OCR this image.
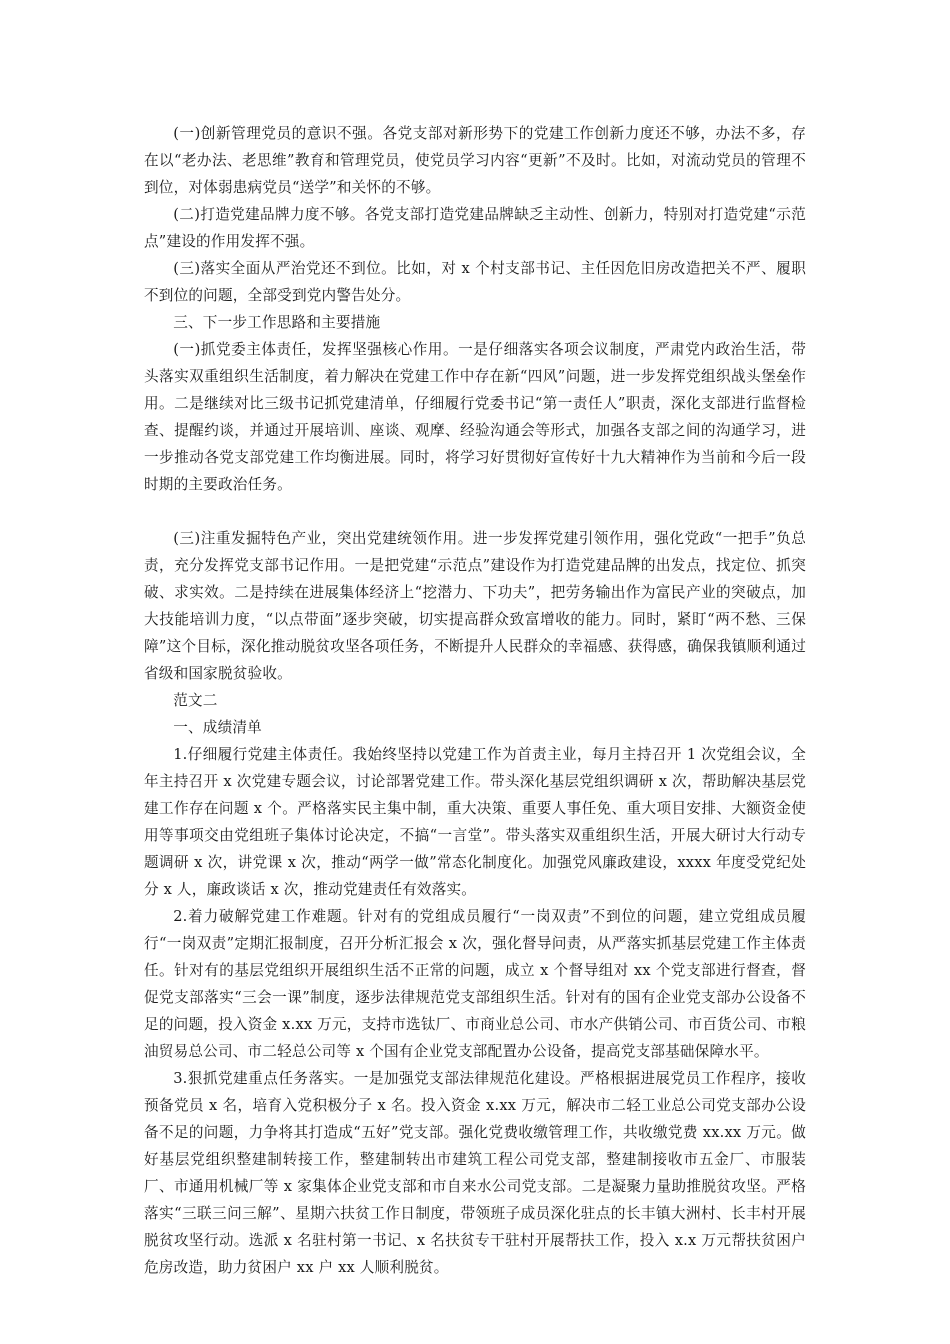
(一)创新管理党员的意识不强。各党支部对新形势下的党建工作创新力度还不够，办法不多，存在以“老办法、老思维”教育和管理党员，使党员学习内容“更新”不及时。比如，对流动党员的管理不到位，对体弱患病党员“送学”和关怀的不够。

(二)打造党建品牌力度不够。各党支部打造党建品牌缺乏主动性、创新力，特别对打造党建“示范点”建设的作用发挥不强。

(三)落实全面从严治党还不到位。比如，对 x 个村支部书记、主任因危旧房改造把关不严、履职不到位的问题，全部受到党内警告处分。

三、下一步工作思路和主要措施

(一)抓党委主体责任，发挥坚强核心作用。一是仔细落实各项会议制度，严肃党内政治生活，带头落实双重组织生活制度，着力解决在党建工作中存在新“四风”问题，进一步发挥党组织战头堡垒作用。二是继续对比三级书记抓党建清单，仔细履行党委书记“第一责任人”职责，深化支部进行监督检查、提醒约谈，并通过开展培训、座谈、观摩、经验沟通会等形式，加强各支部之间的沟通学习，进一步推动各党支部党建工作均衡进展。同时，将学习好贯彻好宣传好十九大精神作为当前和今后一段时期的主要政治任务。

(三)注重发掘特色产业，突出党建统领作用。进一步发挥党建引领作用，强化党政“一把手”负总责，充分发挥党支部书记作用。一是把党建“示范点”建设作为打造党建品牌的出发点，找定位、抓突破、求实效。二是持续在进展集体经济上“挖潜力、下功夫”，把劳务输出作为富民产业的突破点，加大技能培训力度，“以点带面”逐步突破，切实提高群众致富增收的能力。同时，紧盯“两不愁、三保障”这个目标，深化推动脱贫攻坚各项任务，不断提升人民群众的幸福感、获得感，确保我镇顺利通过省级和国家脱贫验收。

范文二

一、成绩清单

1.仔细履行党建主体责任。我始终坚持以党建工作为首责主业，每月主持召开 1 次党组会议，全年主持召开 x 次党建专题会议，讨论部署党建工作。带头深化基层党组织调研 x 次，帮助解决基层党建工作存在问题 x 个。严格落实民主集中制，重大决策、重要人事任免、重大项目安排、大额资金使用等事项交由党组班子集体讨论决定，不搞“一言堂”。带头落实双重组织生活，开展大研讨大行动专题调研 x 次，讲党课 x 次，推动“两学一做”常态化制度化。加强党风廉政建设，xxxx 年度受党纪处分 x 人，廉政谈话 x 次，推动党建责任有效落实。

2.着力破解党建工作难题。针对有的党组成员履行“一岗双责”不到位的问题，建立党组成员履行“一岗双责”定期汇报制度，召开分析汇报会 x 次，强化督导问责，从严落实抓基层党建工作主体责任。针对有的基层党组织开展组织生活不正常的问题，成立 x 个督导组对 xx 个党支部进行督查，督促党支部落实“三会一课”制度，逐步法律规范党支部组织生活。针对有的国有企业党支部办公设备不足的问题，投入资金 x.xx 万元，支持市选钛厂、市商业总公司、市水产供销公司、市百货公司、市粮油贸易总公司、市二轻总公司等 x 个国有企业党支部配置办公设备，提高党支部基础保障水平。

3.狠抓党建重点任务落实。一是加强党支部法律规范化建设。严格根据进展党员工作程序，接收预备党员 x 名，培育入党积极分子 x 名。投入资金 x.xx 万元，解决市二轻工业总公司党支部办公设备不足的问题，力争将其打造成“五好”党支部。强化党费收缴管理工作，共收缴党费 xx.xx 万元。做好基层党组织整建制转接工作，整建制转出市建筑工程公司党支部，整建制接收市五金厂、市服装厂、市通用机械厂等 x 家集体企业党支部和市自来水公司党支部。二是凝聚力量助推脱贫攻坚。严格落实“三联三问三解”、星期六扶贫工作日制度，带领班子成员深化驻点的长丰镇大洲村、长丰村开展脱贫攻坚行动。选派 x 名驻村第一书记、x 名扶贫专干驻村开展帮扶工作，投入 x.x 万元帮扶贫困户危房改造，助力贫困户 xx 户 xx 人顺利脱贫。
